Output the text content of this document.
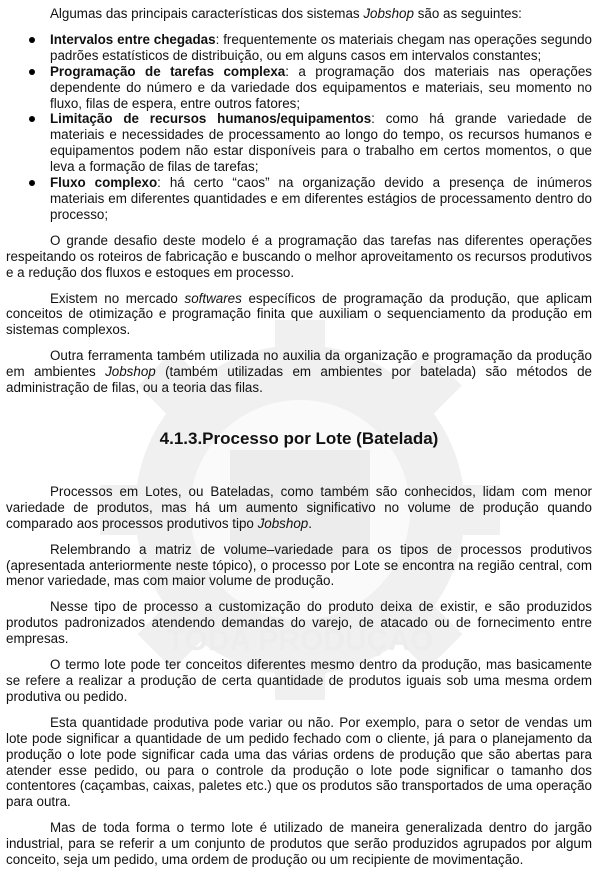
TODA PRODUÇÃO

Algumas das principais características dos sistemas Jobshop são as seguintes:

Intervalos entre chegadas: frequentemente os materiais chegam nas operações segundo padrões estatísticos de distribuição, ou em alguns casos em intervalos constantes;
Programação de tarefas complexa: a programação dos materiais nas operações dependente do número e da variedade dos equipamentos e materiais, seu momento no fluxo, filas de espera, entre outros fatores;
Limitação de recursos humanos/equipamentos: como há grande variedade de materiais e necessidades de processamento ao longo do tempo, os recursos humanos e equipamentos podem não estar disponíveis para o trabalho em certos momentos, o que leva a formação de filas de tarefas;
Fluxo complexo: há certo “caos” na organização devido a presença de inúmeros materiais em diferentes quantidades e em diferentes estágios de processamento dentro do processo;

O grande desafio deste modelo é a programação das tarefas nas diferentes operações respeitando os roteiros de fabricação e buscando o melhor aproveitamento os recursos produtivos e a redução dos fluxos e estoques em processo.

Existem no mercado softwares específicos de programação da produção, que aplicam conceitos de otimização e programação finita que auxiliam o sequenciamento da produção em sistemas complexos.

Outra ferramenta também utilizada no auxilia da organização e programação da produção em ambientes Jobshop (também utilizadas em ambientes por batelada) são métodos de administração de filas, ou a teoria das filas.

4.1.3.Processo por Lote (Batelada)

Processos em Lotes, ou Bateladas, como também são conhecidos, lidam com menor variedade de produtos, mas há um aumento significativo no volume de produção quando comparado aos processos produtivos tipo Jobshop.

Relembrando a matriz de volume–variedade para os tipos de processos produtivos (apresentada anteriormente neste tópico), o processo por Lote se encontra na região central, com menor variedade, mas com maior volume de produção.

Nesse tipo de processo a customização do produto deixa de existir, e são produzidos produtos padronizados atendendo demandas do varejo, de atacado ou de fornecimento entre empresas.

O termo lote pode ter conceitos diferentes mesmo dentro da produção, mas basicamente se refere a realizar a produção de certa quantidade de produtos iguais sob uma mesma ordem produtiva ou pedido.

Esta quantidade produtiva pode variar ou não. Por exemplo, para o setor de vendas um lote pode significar a quantidade de um pedido fechado com o cliente, já para o planejamento da produção o lote pode significar cada uma das várias ordens de produção que são abertas para atender esse pedido, ou para o controle da produção o lote pode significar o tamanho dos contentores (caçambas, caixas, paletes etc.) que os produtos são transportados de uma operação para outra.

Mas de toda forma o termo lote é utilizado de maneira generalizada dentro do jargão industrial, para se referir a um conjunto de produtos que serão produzidos agrupados por algum conceito, seja um pedido, uma ordem de produção ou um recipiente de movimentação.
